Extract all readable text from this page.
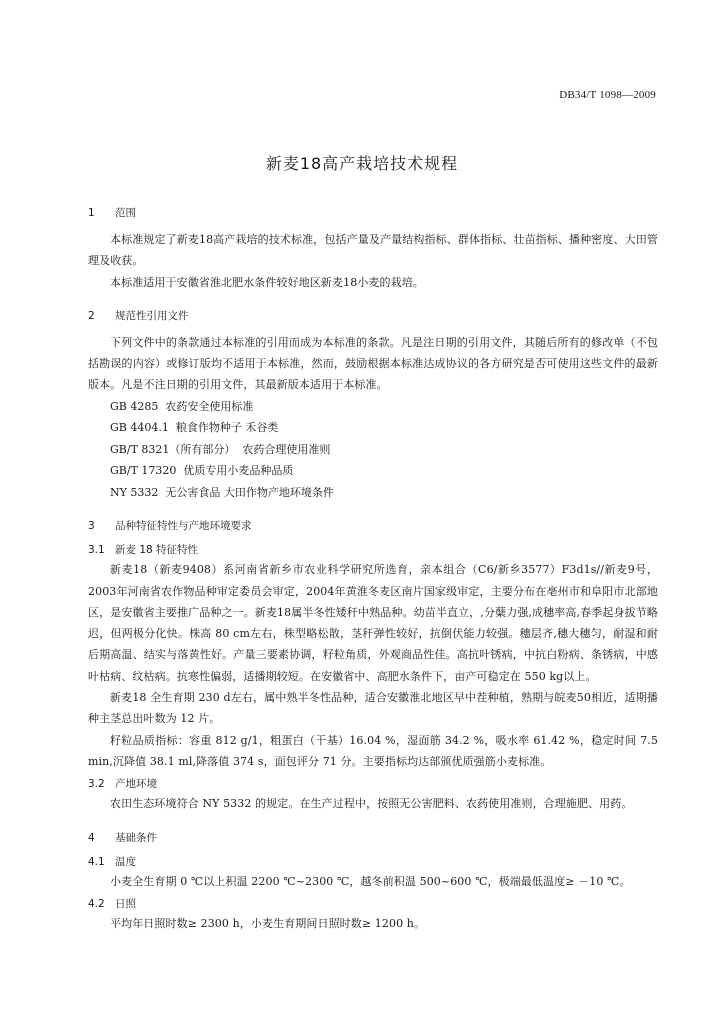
DB34/T 1098—2009
新麦18高产栽培技术规程
1 范围

本标准规定了新麦18高产栽培的技术标准，包括产量及产量结构指标、群体指标、壮苗指标、播种密度、大田管理及收获。

本标准适用于安徽省淮北肥水条件较好地区新麦18小麦的栽培。

2 规范性引用文件

下列文件中的条款通过本标准的引用而成为本标准的条款。凡是注日期的引用文件，其随后所有的修改单（不包括勘误的内容）或修订版均不适用于本标准，然而，鼓励根据本标准达成协议的各方研究是否可使用这些文件的最新版本。凡是不注日期的引用文件，其最新版本适用于本标准。

GB 4285  农药安全使用标准

GB 4404.1  粮食作物种子 禾谷类

GB/T 8321（所有部分）  农药合理使用准则

GB/T 17320  优质专用小麦品种品质

NY 5332  无公害食品 大田作物产地环境条件

3 品种特征特性与产地环境要求
3.1 新麦 18 特征特性

新麦18（新麦9408）系河南省新乡市农业科学研究所选育，亲本组合（C6/新乡3577）F3d1s//新麦9号，2003年河南省农作物品种审定委员会审定，2004年黄淮冬麦区南片国家级审定，主要分布在亳州市和阜阳市北部地区，是安徽省主要推广品种之一。新麦18属半冬性矮秆中熟品种。幼苗半直立，,分蘖力强,成穗率高,春季起身拔节略迟，但两极分化快。株高 80 cm左右，株型略松散，茎秆弹性较好，抗倒伏能力较强。穗层齐,穗大穗匀，耐湿和耐后期高温、结实与落黄性好。产量三要素协调，籽粒角质，外观商品性佳。高抗叶锈病，中抗白粉病、条锈病，中感叶枯病、纹枯病。抗寒性偏弱，适播期较短。在安徽省中、高肥水条件下，亩产可稳定在 550 kg以上。

新麦18 全生育期 230 d左右，属中熟半冬性品种，适合安徽淮北地区早中茬种植，熟期与皖麦50相近，适期播种主茎总出叶数为 12 片。

籽粒品质指标：容重 812 g/1，粗蛋白（干基）16.04 %，湿面筋 34.2 %，吸水率 61.42 %，稳定时间 7.5 min,沉降值 38.1 ml,降落值 374 s，面包评分 71 分。主要指标均达部颁优质强筋小麦标准。

3.2 产地环境

农田生态环境符合 NY 5332 的规定。在生产过程中，按照无公害肥料、农药使用准则，合理施肥、用药。

4 基础条件
4.1 温度

小麦全生育期 0 ℃以上积温 2200 ℃~2300 ℃，越冬前积温 500~600 ℃，极端最低温度≥ －10 ℃。

4.2 日照

平均年日照时数≥ 2300 h，小麦生育期间日照时数≥ 1200 h。
